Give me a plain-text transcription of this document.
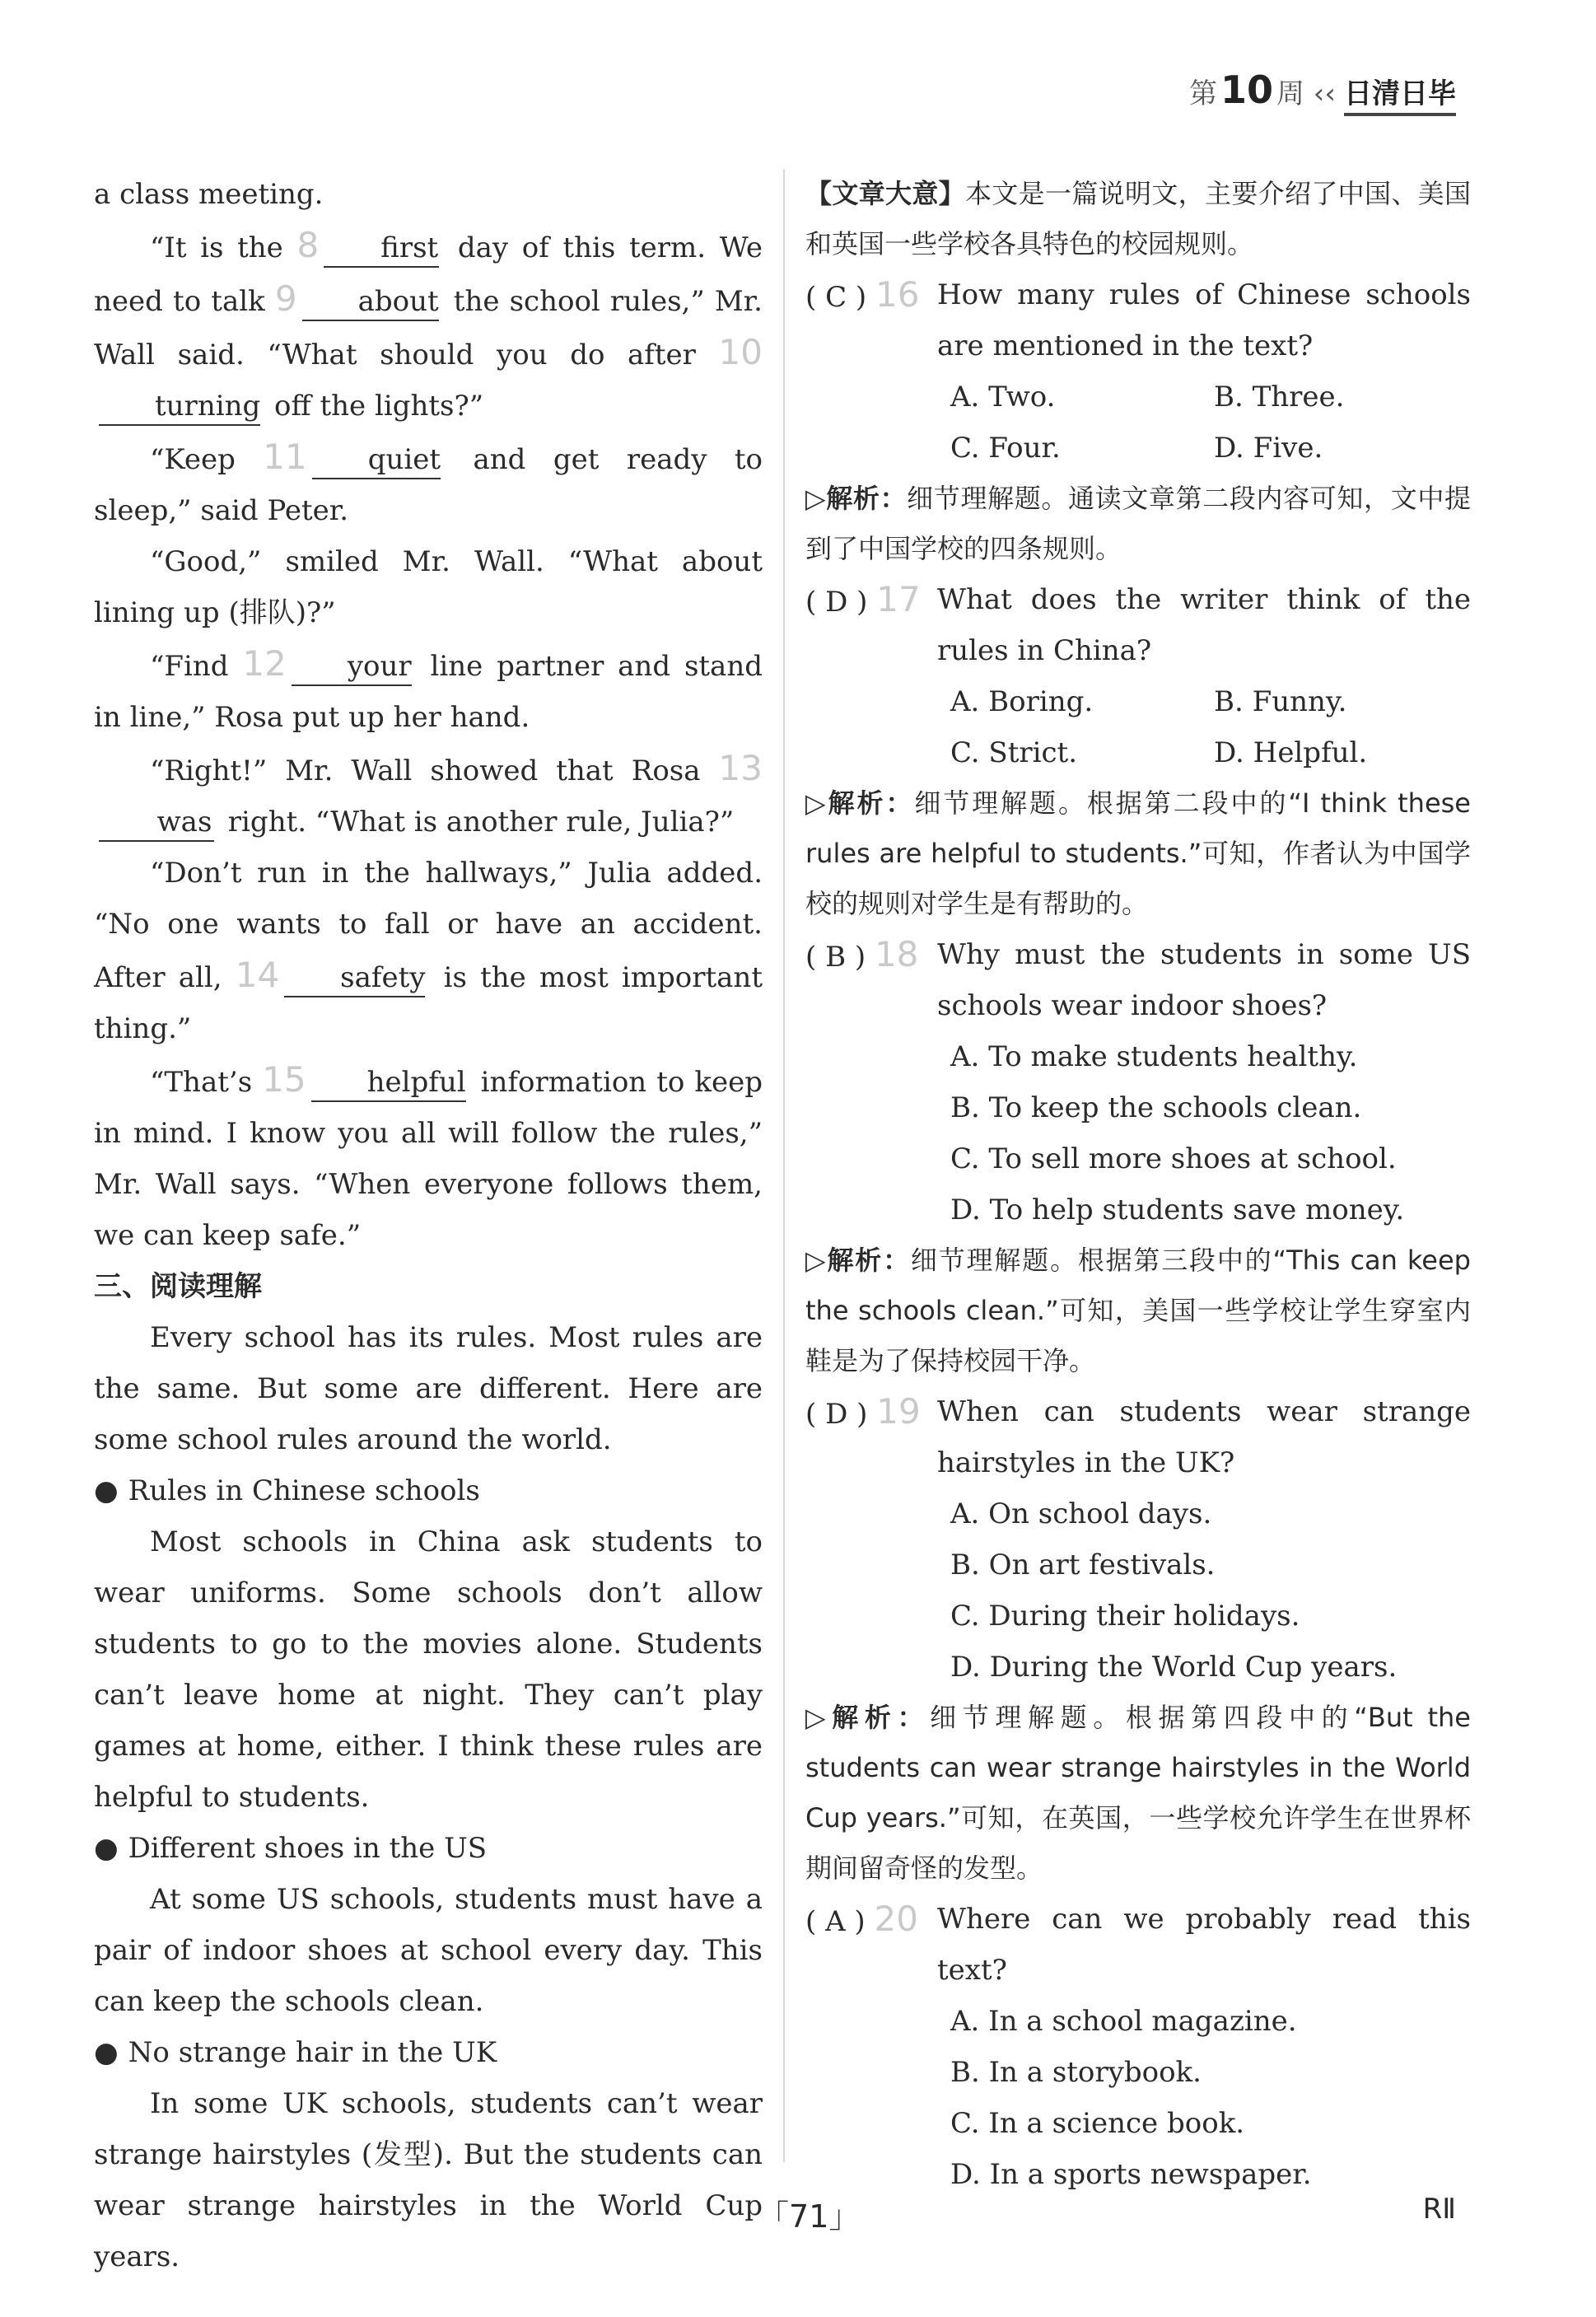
第10 周 ‹‹ 日清日毕

a class meeting.

“It is the 8 first day of this term. We need to talk 9 about the school rules,” Mr. Wall said. “What should you do after 10turning off the lights?”

“Keep 11 quiet and get ready to sleep,” said Peter.

“Good,” smiled Mr. Wall. “What about lining up (排队)?”

“Find 12 your line partner and stand in line,” Rosa put up her hand.

“Right!” Mr. Wall showed that Rosa 13was right. “What is another rule, Julia?”

“Don’t run in the hallways,” Julia added. “No one wants to fall or have an accident. After all, 14 safety is the most important thing.”

“That’s 15 helpful information to keep in mind. I know you all will follow the rules,” Mr. Wall says. “When everyone follows them, we can keep safe.”

三、阅读理解

Every school has its rules. Most rules are the same. But some are different. Here are some school rules around the world.

● Rules in Chinese schools

Most schools in China ask students to wear uniforms. Some schools don’t allow students to go to the movies alone. Students can’t leave home at night. They can’t play games at home, either. I think these rules are helpful to students.

● Different shoes in the US

At some US schools, students must have a pair of indoor shoes at school every day. This can keep the schools clean.

● No strange hair in the UK

In some UK schools, students can’t wear strange hairstyles (发型). But the students can wear strange hairstyles in the World Cup years.

【文章大意】本文是一篇说明文，主要介绍了中国、美国和英国一些学校各具特色的校园规则。

( C ) 16 How many rules of Chinese schools are mentioned in the text?
A. Two.	B. Three.
C. Four.	D. Five.

▷解析：细节理解题。通读文章第二段内容可知，文中提到了中国学校的四条规则。

( D ) 17 What does the writer think of the rules in China?
A. Boring.	B. Funny.
C. Strict.	D. Helpful.

▷解析：细节理解题。根据第二段中的“I think these rules are helpful to students.”可知，作者认为中国学校的规则对学生是有帮助的。

( B ) 18 Why must the students in some US schools wear indoor shoes?

A. To make students healthy.

B. To keep the schools clean.

C. To sell more shoes at school.

D. To help students save money.

▷解析：细节理解题。根据第三段中的“This can keep the schools clean.”可知，美国一些学校让学生穿室内鞋是为了保持校园干净。

( D ) 19 When can students wear strange hairstyles in the UK?

A. On school days.

B. On art festivals.

C. During their holidays.

D. During the World Cup years.

▷解析：细节理解题。根据第四段中的“But the students can wear strange hairstyles in the World Cup years.”可知，在英国，一些学校允许学生在世界杯期间留奇怪的发型。

( A ) 20 Where can we probably read this text?

A. In a school magazine.

B. In a storybook.

C. In a science book.

D. In a sports newspaper.

「71」	RⅡ
